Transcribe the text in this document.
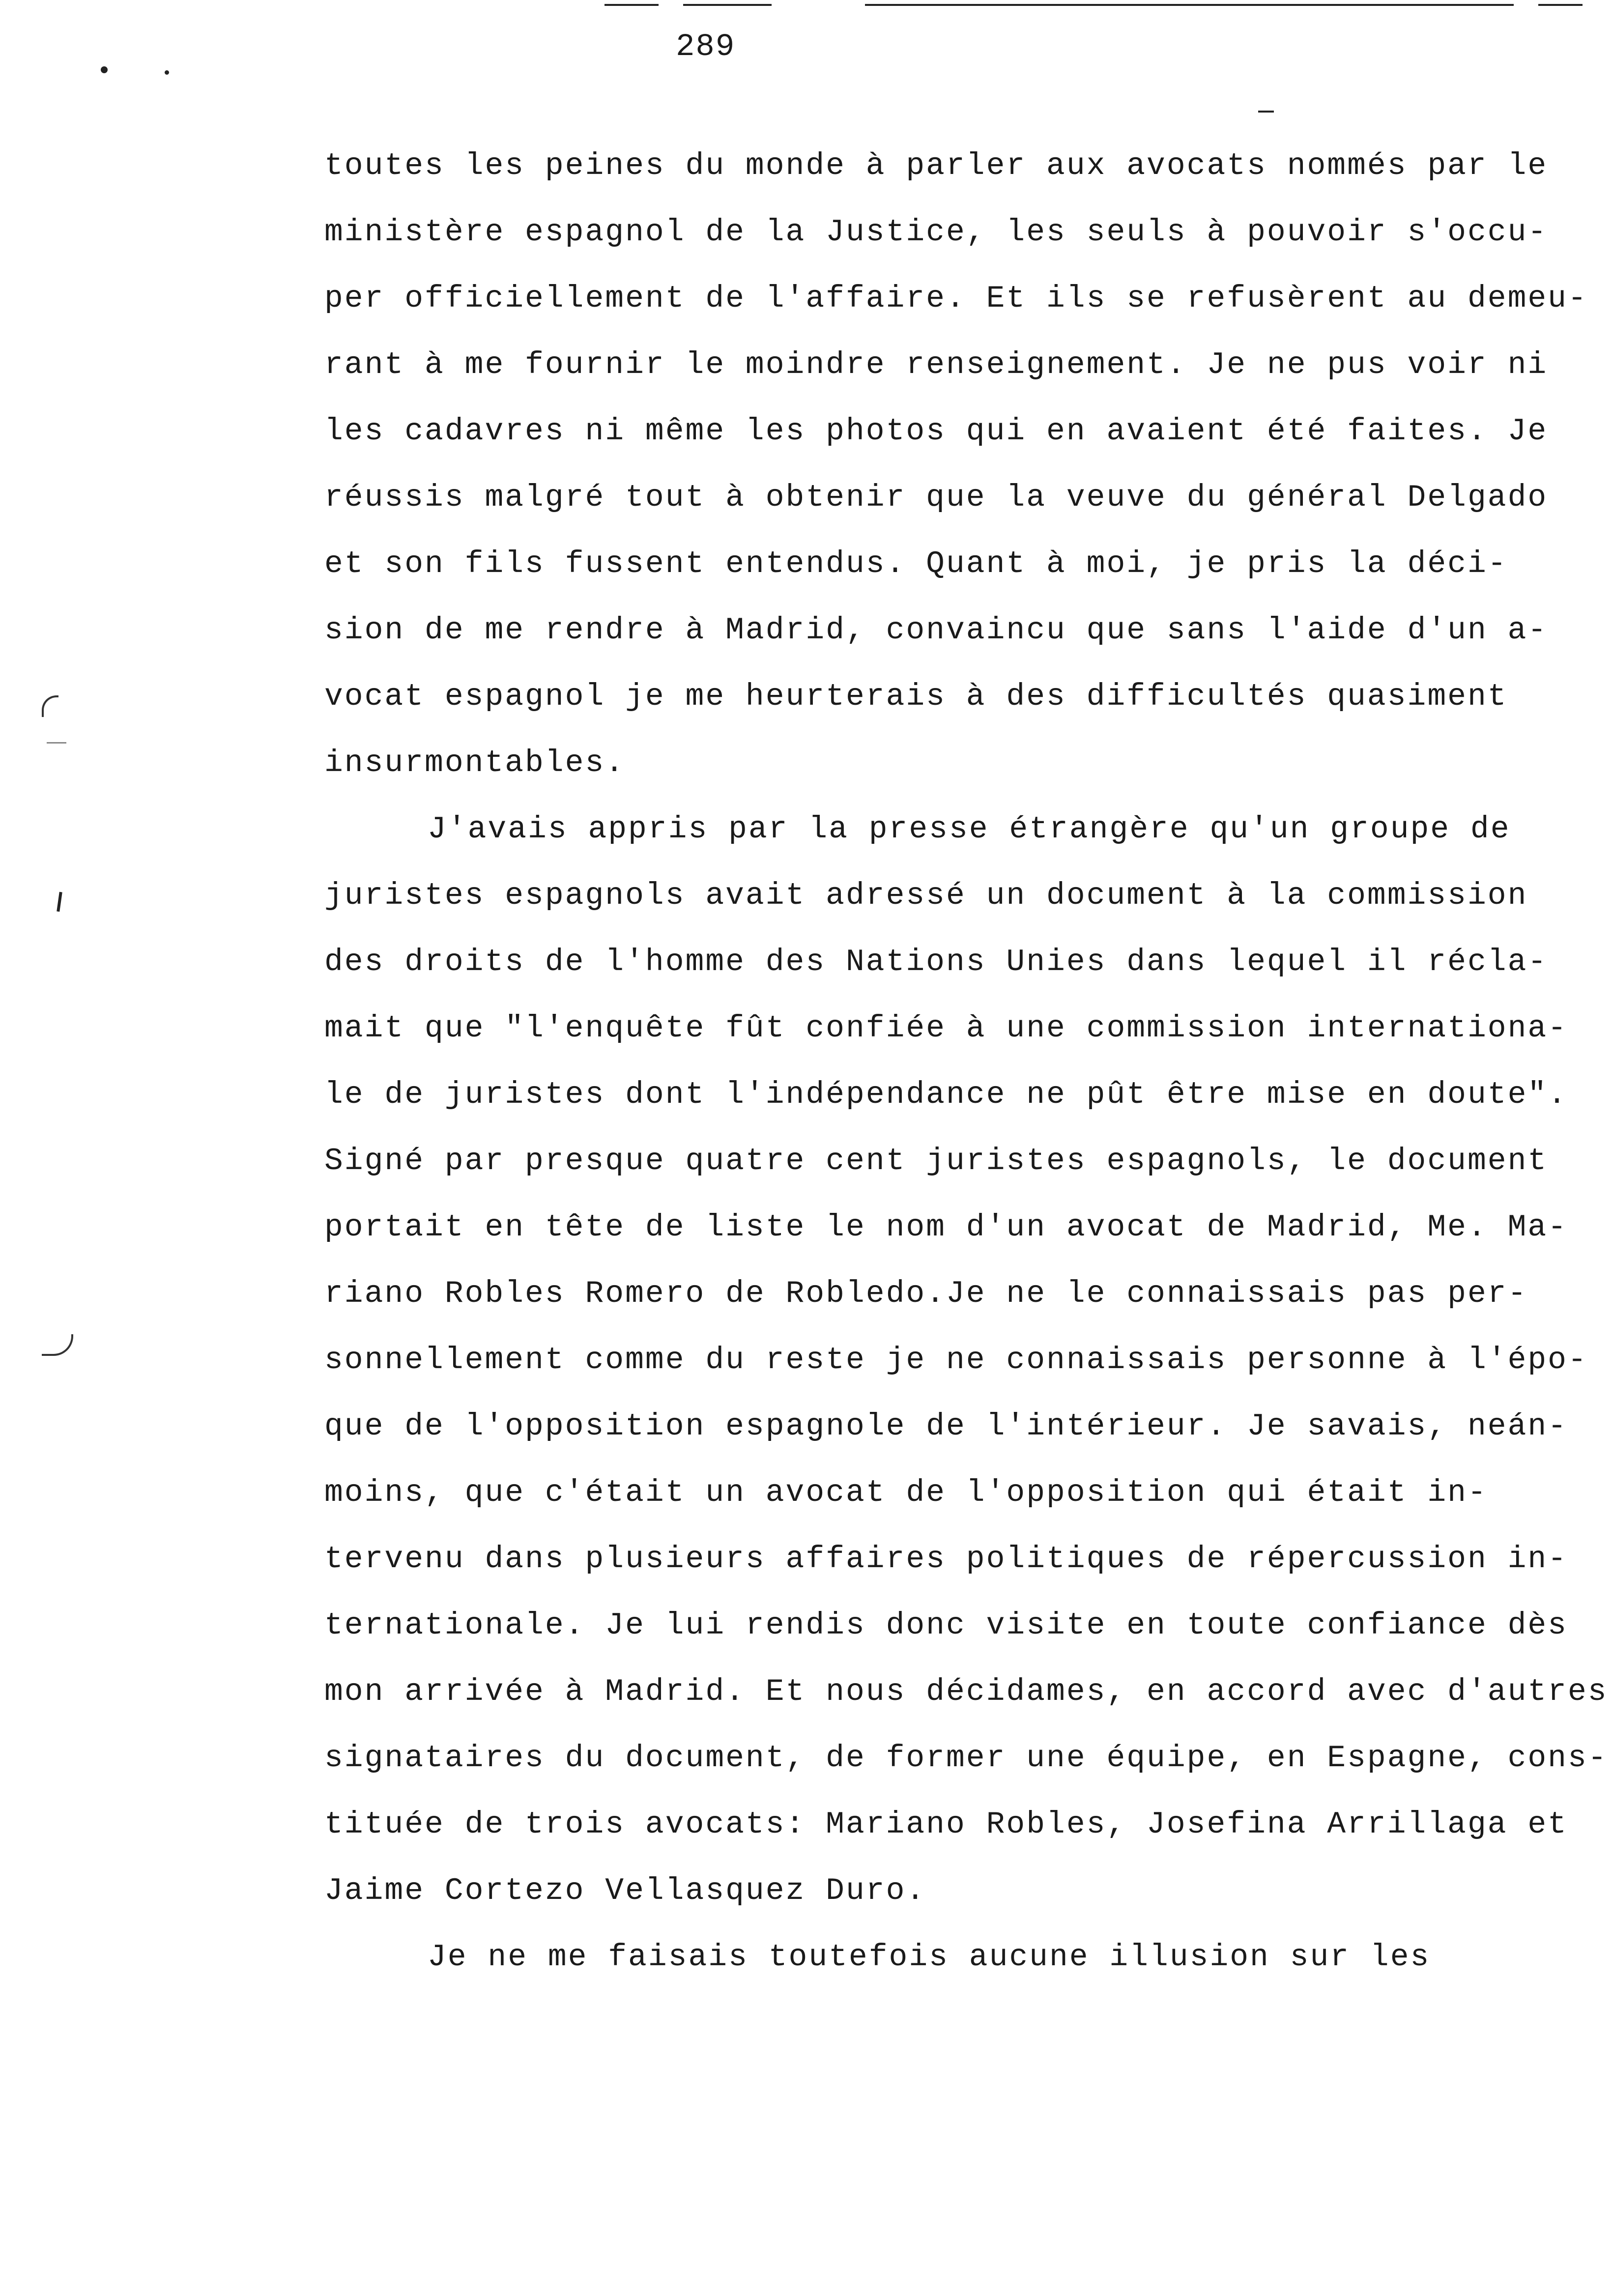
289
toutes les peines du monde à parler aux avocats nommés par le
ministère espagnol de la Justice, les seuls à pouvoir s'occu-
per officiellement de l'affaire. Et ils se refusèrent au demeu-
rant à me fournir le moindre renseignement. Je ne pus voir ni
les cadavres ni même les photos qui en avaient été faites. Je
réussis malgré tout à obtenir que la veuve du général Delgado
et son fils fussent entendus. Quant à moi, je pris la déci-
sion de me rendre à Madrid, convaincu que sans l'aide d'un a-
vocat espagnol je me heurterais à des difficultés quasiment
insurmontables.
J'avais appris par la presse étrangère qu'un groupe de
juristes espagnols avait adressé un document à la commission
des droits de l'homme des Nations Unies dans lequel il récla-
mait que "l'enquête fût confiée à une commission internationa-
le de juristes dont l'indépendance ne pût être mise en doute".
Signé par presque quatre cent juristes espagnols, le document
portait en tête de liste le nom d'un avocat de Madrid, Me. Ma-
riano Robles Romero de Robledo.Je ne le connaissais pas per-
sonnellement comme du reste je ne connaissais personne à l'épo-
que de l'opposition espagnole de l'intérieur. Je savais, neán-
moins, que c'était un avocat de l'opposition qui était in-
tervenu dans plusieurs affaires politiques de répercussion in-
ternationale. Je lui rendis donc visite en toute confiance dès
mon arrivée à Madrid. Et nous décidames, en accord avec d'autres
signataires du document, de former une équipe, en Espagne, cons-
tituée de trois avocats: Mariano Robles, Josefina Arrillaga et
Jaime Cortezo Vellasquez Duro.
Je ne me faisais toutefois aucune illusion sur les
